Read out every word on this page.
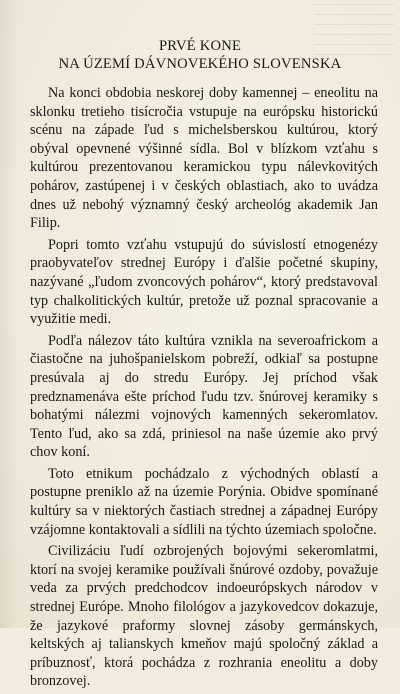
PRVÉ KONE
NA ÚZEMÍ DÁVNOVEKÉHO SLOVENSKA

Na konci obdobia neskorej doby kamennej – eneolitu na sklonku tretieho tisícročia vstupuje na európsku historickú scénu na západe ľud s michelsberskou kultúrou, ktorý obýval opevnené výšinné sídla. Bol v blízkom vzťahu s kultúrou prezentovanou keramickou typu nálevkovitých pohárov, zastúpenej i v českých oblastiach, ako to uvádza dnes už nebohý významný český archeológ akademik Jan Filip.

Popri tomto vzťahu vstupujú do súvislostí etnogenézy praobyvateľov strednej Európy i ďalšie početné skupiny, nazývané „ľudom zvoncových pohárov“, ktorý predstavoval typ chalkolitických kultúr, pretože už poznal spracovanie a využitie medi.

Podľa nálezov táto kultúra vznikla na severoafrickom a čiastočne na juhošpanielskom pobreží, odkiaľ sa postupne presúvala aj do stredu Európy. Jej príchod však predznamenáva ešte príchod ľudu tzv. šnúrovej keramiky s bohatými nálezmi vojnových kamenných sekeromlatov. Tento ľud, ako sa zdá, priniesol na naše územie ako prvý chov koní.

Toto etnikum pochádzalo z východných oblastí a postupne preniklo až na územie Porýnia. Obidve spomínané kultúry sa v niektorých častiach strednej a západnej Európy vzájomne kontaktovali a sídlili na týchto územiach spoločne.

Civilizáciu ľudí ozbrojených bojovými sekeromlatmi, ktorí na svojej keramike používali šnúrové ozdoby, považuje veda za prvých predchodcov indoeurópskych národov v strednej Európe. Mnoho filológov a jazykovedcov dokazuje, že jazykové praformy slovnej zásoby germánskych, keltských aj talianskych kmeňov majú spoločný základ a príbuznosť, ktorá pochádza z rozhrania eneolitu a doby bronzovej.
